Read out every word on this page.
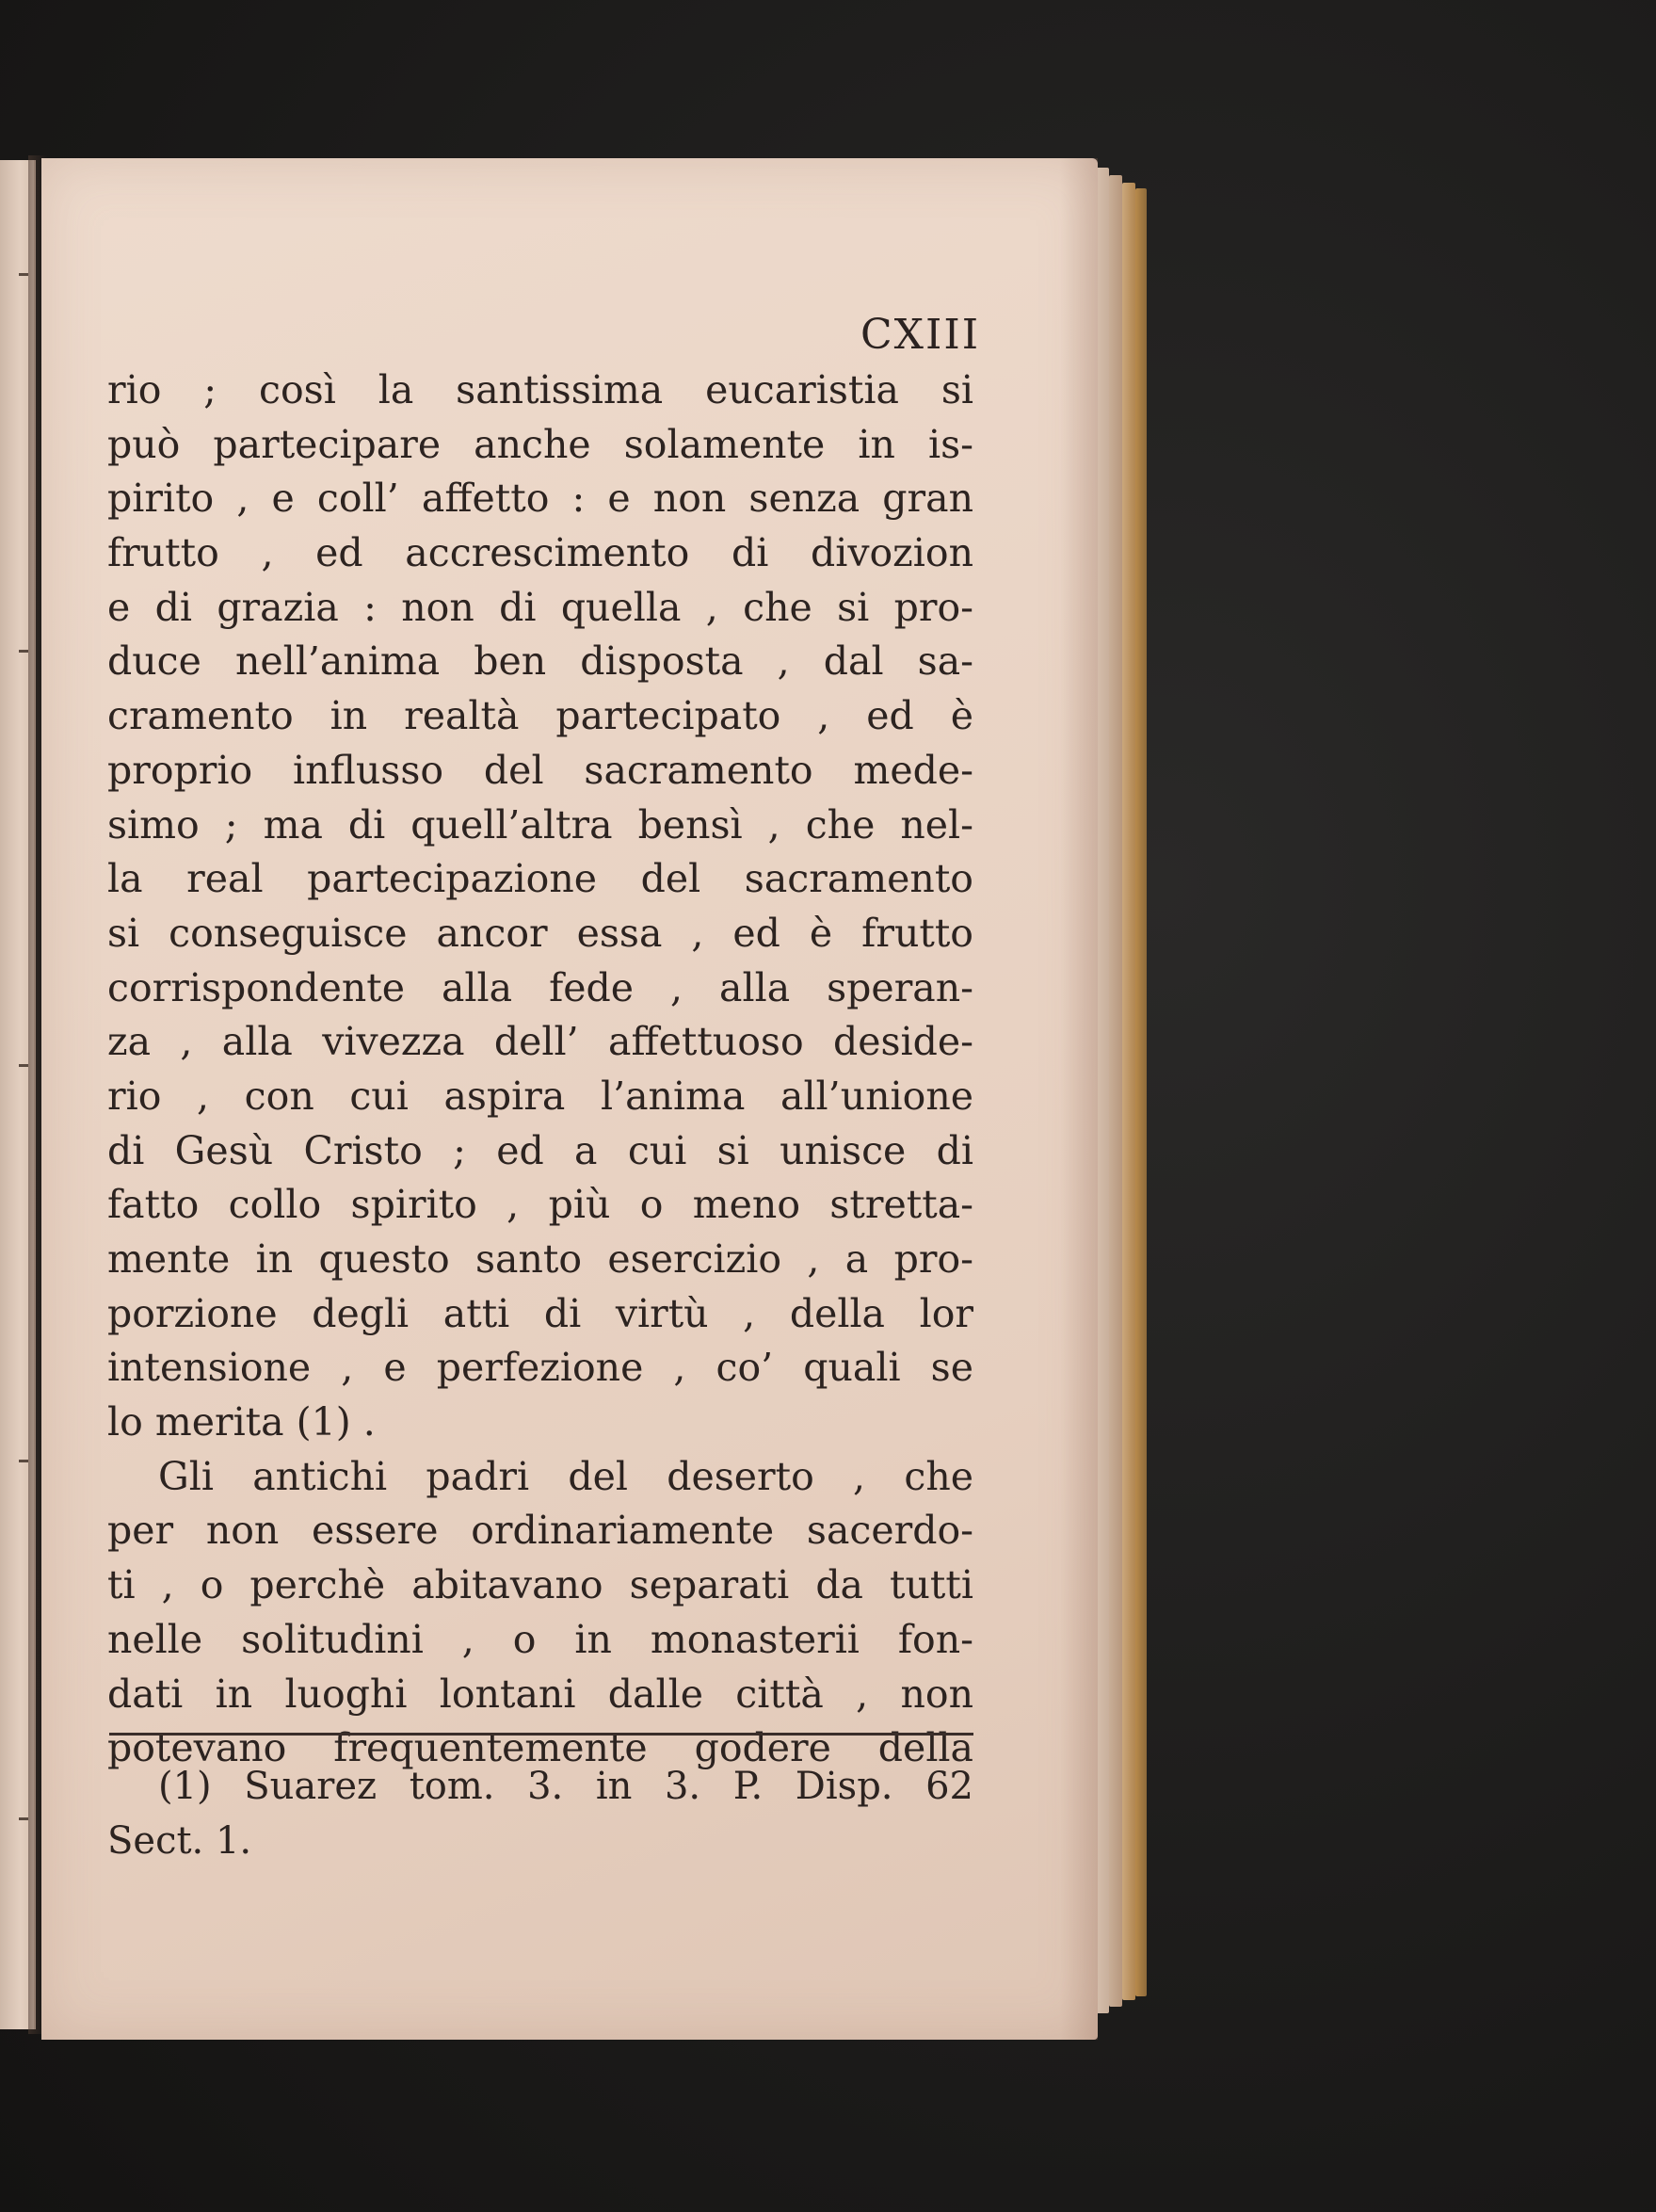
CXIII
rio ; così la santissima eucaristia si
può partecipare anche solamente in is-
pirito , e coll’ affetto : e non senza gran
frutto , ed accrescimento di divozion
e di grazia : non di quella , che si pro-
duce nell’anima ben disposta , dal sa-
cramento in realtà partecipato , ed è
proprio influsso del sacramento mede-
simo ; ma di quell’altra bensì , che nel-
la real partecipazione del sacramento
si conseguisce ancor essa , ed è frutto
corrispondente alla fede , alla speran-
za , alla vivezza dell’ affettuoso deside-
rio , con cui aspira l’anima all’unione
di Gesù Cristo ; ed a cui si unisce di
fatto collo spirito , più o meno stretta-
mente in questo santo esercizio , a pro-
porzione degli atti di virtù , della lor
intensione , e perfezione , co’ quali se
lo merita (1) .
Gli antichi padri del deserto , che
per non essere ordinariamente sacerdo-
ti , o perchè abitavano separati da tutti
nelle solitudini , o in monasterii fon-
dati in luoghi lontani dalle città , non
potevano frequentemente godere della
(1) Suarez tom. 3. in 3. P. Disp. 62
Sect. 1.
